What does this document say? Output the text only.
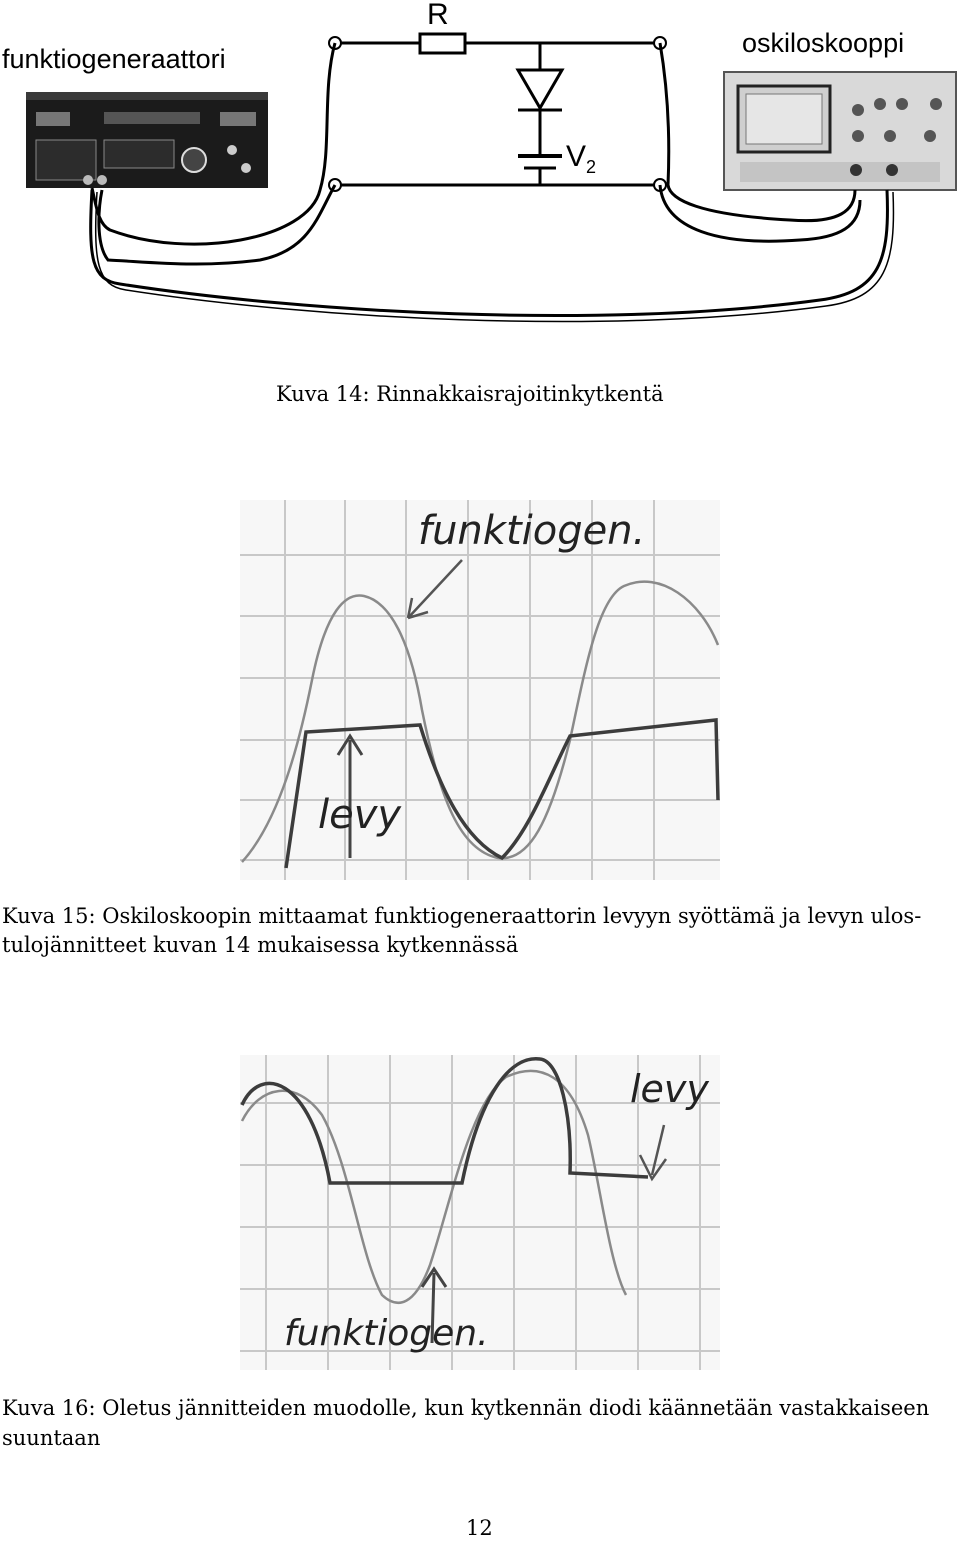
funktiogeneraattori
oskiloskooppi
R
$V_2$
Kuva 14: Rinnakkaisrajoitinkytkentä
funktiogen.
levy
Kuva 15: Oskiloskoopin mittaamat funktiogeneraattorin levyyn syöttämä ja levyn ulos-
tulojännitteet kuvan 14 mukaisessa kytkennässä
levy
funktiogen.
Kuva 16: Oletus jännitteiden muodolle, kun kytkennän diodi käännetään vastakkaiseen
suuntaan
12
